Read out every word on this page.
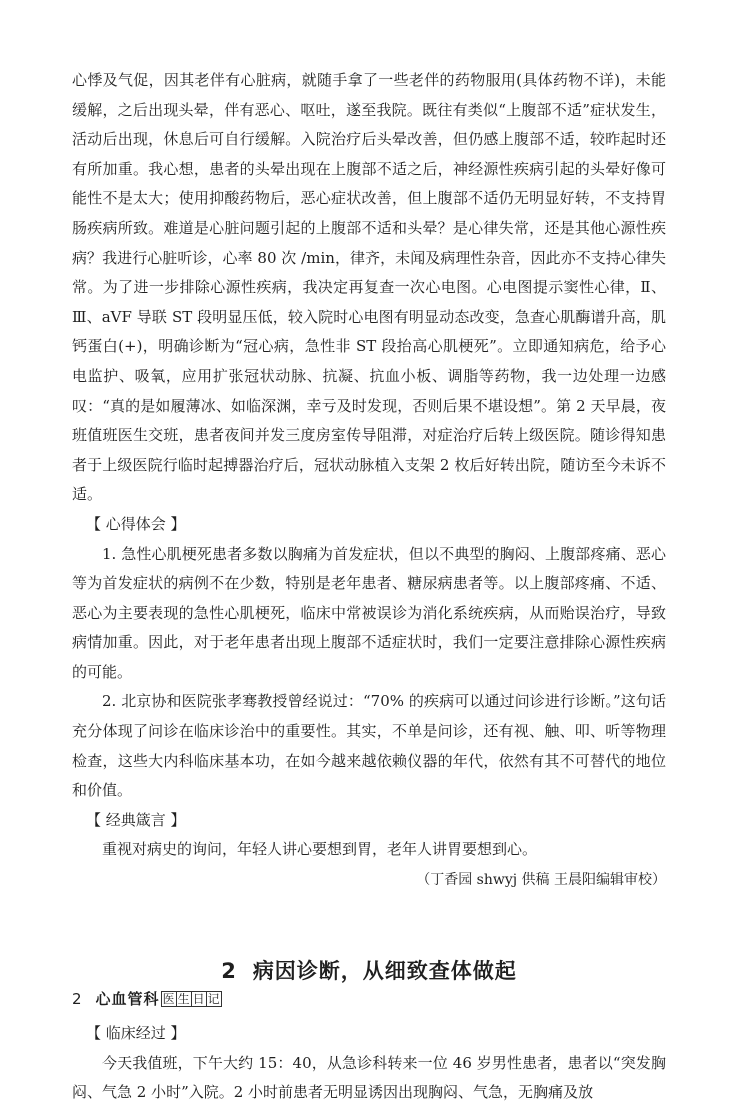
心悸及气促，因其老伴有心脏病，就随手拿了一些老伴的药物服用(具体药物不详)，未能缓解，之后出现头晕，伴有恶心、呕吐，遂至我院。既往有类似“上腹部不适”症状发生，活动后出现，休息后可自行缓解。入院治疗后头晕改善，但仍感上腹部不适，较昨起时还有所加重。我心想，患者的头晕出现在上腹部不适之后，神经源性疾病引起的头晕好像可能性不是太大；使用抑酸药物后，恶心症状改善，但上腹部不适仍无明显好转，不支持胃肠疾病所致。难道是心脏问题引起的上腹部不适和头晕？是心律失常，还是其他心源性疾病？我进行心脏听诊，心率 80 次 /min，律齐，未闻及病理性杂音，因此亦不支持心律失常。为了进一步排除心源性疾病，我决定再复查一次心电图。心电图提示窦性心律，Ⅱ、Ⅲ、aVF 导联 ST 段明显压低，较入院时心电图有明显动态改变，急查心肌酶谱升高，肌钙蛋白(+)，明确诊断为“冠心病，急性非 ST 段抬高心肌梗死”。立即通知病危，给予心电监护、吸氧，应用扩张冠状动脉、抗凝、抗血小板、调脂等药物，我一边处理一边感叹：“真的是如履薄冰、如临深渊，幸亏及时发现，否则后果不堪设想”。第 2 天早晨，夜班值班医生交班，患者夜间并发三度房室传导阻滞，对症治疗后转上级医院。随诊得知患者于上级医院行临时起搏器治疗后，冠状动脉植入支架 2 枚后好转出院，随访至今未诉不适。

【 心得体会 】

1. 急性心肌梗死患者多数以胸痛为首发症状，但以不典型的胸闷、上腹部疼痛、恶心等为首发症状的病例不在少数，特别是老年患者、糖尿病患者等。以上腹部疼痛、不适、恶心为主要表现的急性心肌梗死，临床中常被误诊为消化系统疾病，从而贻误治疗，导致病情加重。因此，对于老年患者出现上腹部不适症状时，我们一定要注意排除心源性疾病的可能。

2. 北京协和医院张孝骞教授曾经说过：“70% 的疾病可以通过问诊进行诊断。”这句话充分体现了问诊在临床诊治中的重要性。其实，不单是问诊，还有视、触、叩、听等物理检查，这些大内科临床基本功，在如今越来越依赖仪器的年代，依然有其不可替代的地位和价值。

【 经典箴言 】

重视对病史的询问，年轻人讲心要想到胃，老年人讲胃要想到心。

（丁香园 shwyj 供稿 王晨阳编辑审校）
2 病因诊断，从细致查体做起
【 临床经过 】

今天我值班，下午大约 15：40，从急诊科转来一位 46 岁男性患者，患者以“突发胸闷、气急 2 小时”入院。2 小时前患者无明显诱因出现胸闷、气急，无胸痛及放

2 心血管科 医 生 日 记
